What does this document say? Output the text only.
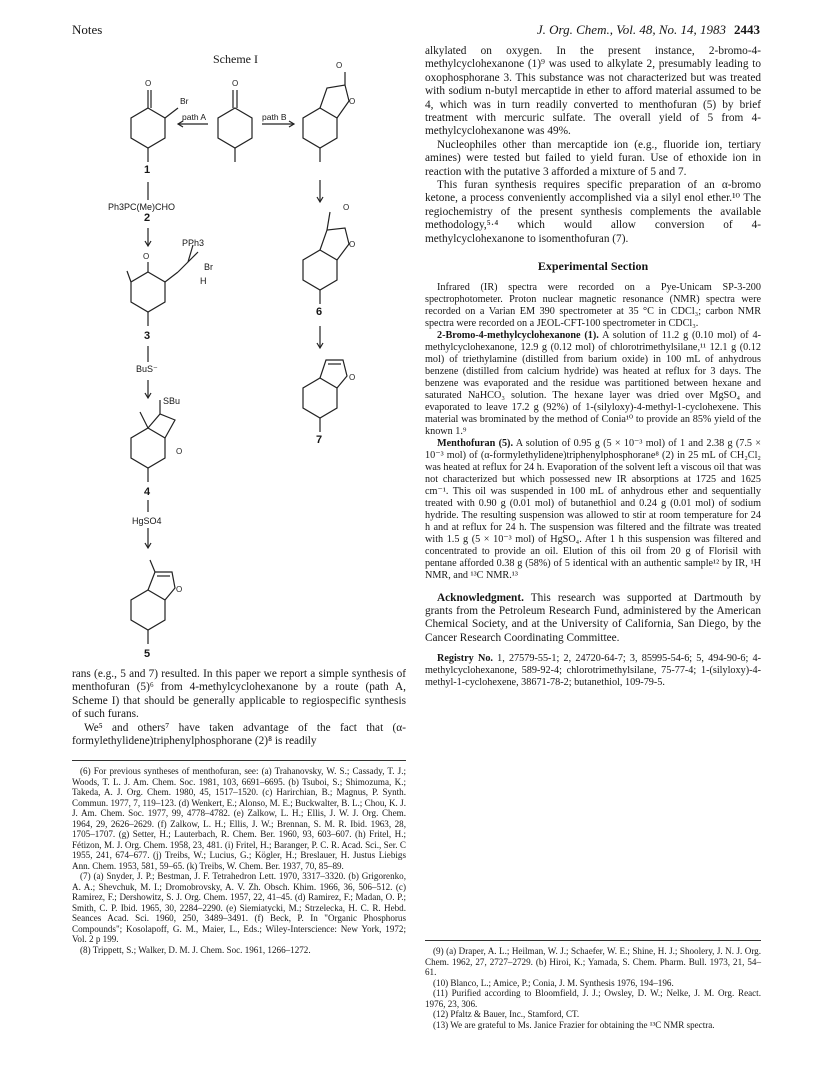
Notes	J. Org. Chem., Vol. 48, No. 14, 1983 2443
Scheme I	O
O
O
O
O
O
O
O	O
O
path A	path B
Br
1
Ph3PC(Me)CHO
2
PPh3
Br
H
3
BuS⁻
SBu
4
HgSO4
5
6
7

rans (e.g., 5 and 7) resulted. In this paper we report a simple synthesis of menthofuran (5)⁶ from 4-methylcyclohexanone by a route (path A, Scheme I) that should be generally applicable to regiospecific synthesis of such furans.

We⁵ and others⁷ have taken advantage of the fact that (α-formylethylidene)triphenylphosphorane (2)⁸ is readily

(6) For previous syntheses of menthofuran, see: (a) Trahanovsky, W. S.; Cassady, T. J.; Woods, T. L. J. Am. Chem. Soc. 1981, 103, 6691–6695. (b) Tsuboi, S.; Shimozuma, K.; Takeda, A. J. Org. Chem. 1980, 45, 1517–1520. (c) Harirchian, B.; Magnus, P. Synth. Commun. 1977, 7, 119–123. (d) Wenkert, E.; Alonso, M. E.; Buckwalter, B. L.; Chou, K. J. J. Am. Chem. Soc. 1977, 99, 4778–4782. (e) Zalkow, L. H.; Ellis, J. W. J. Org. Chem. 1964, 29, 2626–2629. (f) Zalkow, L. H.; Ellis, J. W.; Brennan, S. M. R. Ibid. 1963, 28, 1705–1707. (g) Setter, H.; Lauterbach, R. Chem. Ber. 1960, 93, 603–607. (h) Fritel, H.; Fétizon, M. J. Org. Chem. 1958, 23, 481. (i) Fritel, H.; Baranger, P. C. R. Acad. Sci., Ser. C 1955, 241, 674–677. (j) Treibs, W.; Lucius, G.; Kögler, H.; Breslauer, H. Justus Liebigs Ann. Chem. 1953, 581, 59–65. (k) Treibs, W. Chem. Ber. 1937, 70, 85–89.

(7) (a) Snyder, J. P.; Bestman, J. F. Tetrahedron Lett. 1970, 3317–3320. (b) Grigorenko, A. A.; Shevchuk, M. I.; Dromobrovsky, A. V. Zh. Obsch. Khim. 1966, 36, 506–512. (c) Ramirez, F.; Dershowitz, S. J. Org. Chem. 1957, 22, 41–45. (d) Ramirez, F.; Madan, O. P.; Smith, C. P. Ibid. 1965, 30, 2284–2290. (e) Siemiatycki, M.; Strzelecka, H. C. R. Hebd. Seances Acad. Sci. 1960, 250, 3489–3491. (f) Beck, P. In "Organic Phosphorus Compounds"; Kosolapoff, G. M., Maier, L., Eds.; Wiley-Interscience: New York, 1972; Vol. 2 p 199.

(8) Trippett, S.; Walker, D. M. J. Chem. Soc. 1961, 1266–1272.

alkylated on oxygen. In the present instance, 2-bromo-4-methylcyclohexanone (1)⁹ was used to alkylate 2, presumably leading to oxophosphorane 3. This substance was not characterized but was treated with sodium n-butyl mercaptide in ether to afford material assumed to be 4, which was in turn readily converted to menthofuran (5) by brief treatment with mercuric sulfate. The overall yield of 5 from 4-methylcyclohexanone was 49%.

Nucleophiles other than mercaptide ion (e.g., fluoride ion, tertiary amines) were tested but failed to yield furan. Use of ethoxide ion in reaction with the putative 3 afforded a mixture of 5 and 7.

This furan synthesis requires specific preparation of an α-bromo ketone, a process conveniently accomplished via a silyl enol ether.¹⁰ The regiochemistry of the present synthesis complements the available methodology,⁵·⁴ which would allow conversion of 4-methylcyclohexanone to isomenthofuran (7).

Experimental Section

Infrared (IR) spectra were recorded on a Pye-Unicam SP-3-200 spectrophotometer. Proton nuclear magnetic resonance (NMR) spectra were recorded on a Varian EM 390 spectrometer at 35 °C in CDCl₃; carbon NMR spectra were recorded on a JEOL-CFT-100 spectrometer in CDCl₃.

2-Bromo-4-methylcyclohexanone (1). A solution of 11.2 g (0.10 mol) of 4-methylcyclohexanone, 12.9 g (0.12 mol) of chlorotrimethylsilane,¹¹ 12.1 g (0.12 mol) of triethylamine (distilled from barium oxide) in 100 mL of anhydrous benzene (distilled from calcium hydride) was heated at reflux for 3 days. The benzene was evaporated and the residue was partitioned between hexane and saturated NaHCO₃ solution. The hexane layer was dried over MgSO₄ and evaporated to leave 17.2 g (92%) of 1-(silyloxy)-4-methyl-1-cyclohexene. This material was brominated by the method of Conia¹⁰ to provide an 85% yield of the known 1.⁹

Menthofuran (5). A solution of 0.95 g (5 × 10⁻³ mol) of 1 and 2.38 g (7.5 × 10⁻³ mol) of (α-formylethylidene)triphenylphosphorane⁸ (2) in 25 mL of CH₂Cl₂ was heated at reflux for 24 h. Evaporation of the solvent left a viscous oil that was not characterized but which possessed new IR absorptions at 1725 and 1625 cm⁻¹. This oil was suspended in 100 mL of anhydrous ether and sequentially treated with 0.90 g (0.01 mol) of butanethiol and 0.24 g (0.01 mol) of sodium hydride. The resulting suspension was allowed to stir at room temperature for 24 h and at reflux for 24 h. The suspension was filtered and the filtrate was treated with 1.5 g (5 × 10⁻³ mol) of HgSO₄. After 1 h this suspension was filtered and concentrated to provide an oil. Elution of this oil from 20 g of Florisil with pentane afforded 0.38 g (58%) of 5 identical with an authentic sample¹² by IR, ¹H NMR, and ¹³C NMR.¹³

Acknowledgment. This research was supported at Dartmouth by grants from the Petroleum Research Fund, administered by the American Chemical Society, and at the University of California, San Diego, by the Cancer Research Coordinating Committee.

Registry No. 1, 27579-55-1; 2, 24720-64-7; 3, 85995-54-6; 5, 494-90-6; 4-methylcyclohexanone, 589-92-4; chlorotrimethylsilane, 75-77-4; 1-(silyloxy)-4-methyl-1-cyclohexene, 38671-78-2; butanethiol, 109-79-5.

(9) (a) Draper, A. L.; Heilman, W. J.; Schaefer, W. E.; Shine, H. J.; Shoolery, J. N. J. Org. Chem. 1962, 27, 2727–2729. (b) Hiroi, K.; Yamada, S. Chem. Pharm. Bull. 1973, 21, 54–61.

(10) Blanco, L.; Amice, P.; Conia, J. M. Synthesis 1976, 194–196.

(11) Purified according to Bloomfield, J. J.; Owsley, D. W.; Nelke, J. M. Org. React. 1976, 23, 306.

(12) Pfaltz & Bauer, Inc., Stamford, CT.

(13) We are grateful to Ms. Janice Frazier for obtaining the ¹³C NMR spectra.
